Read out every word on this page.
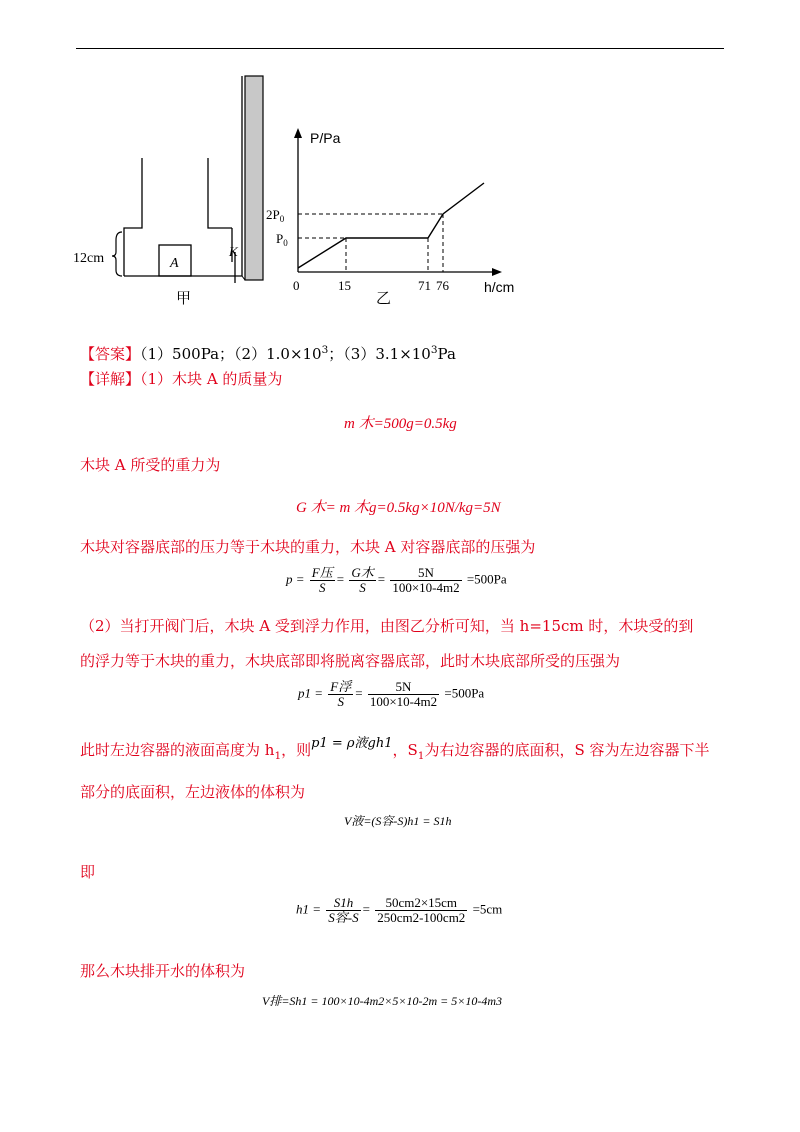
12cm	A
K
甲
P/Pa
h/cm
$2P_0$
$P_0$
0	15	71 76
乙
【答案】（1）500Pa；$(2)1.0\times 10^3$；$(3)3.1\times 10^3Pa$
【详解】（1）木块 A 的质量为
m 木=500g=0.5kg
木块 A 所受的重力为
G 木= m 木g=0.5kg×10N/kg=5N
木块对容器底部的压力等于木块的重力，木块 A 对容器底部的压强为
$p = \frac{\text{F压}}{S} = \frac{\text{G木}}{S} = \frac{5N}{100\times 10-4m2} =500Pa$
（2）当打开阀门后，木块 A 受到浮力作用，由图乙分析可知，当 h=15cm 时，木块受的到
的浮力等于木块的重力，木块底部即将脱离容器底部，此时木块底部所受的压强为
$p1 = \frac{\text{F浮}}{S} = \frac{5N}{100\times 10-4m2} =500Pa$
此时左边容器的液面高度为 $h_1$，则p1 = ρ液gh1，$S_1$为右边容器的底面积，S 容为左边容器下半
部分的底面积，左边液体的体积为
V液=(S容-S)h1 = S1h
即
$h1 = \frac{S1h}{\text{S容-S}} = \frac{50cm2\times 15cm}{250cm2-100cm2} =5cm$
那么木块排开水的体积为
V排=Sh1 = 100×10-4m2×5×10-2m = 5×10-4m3
